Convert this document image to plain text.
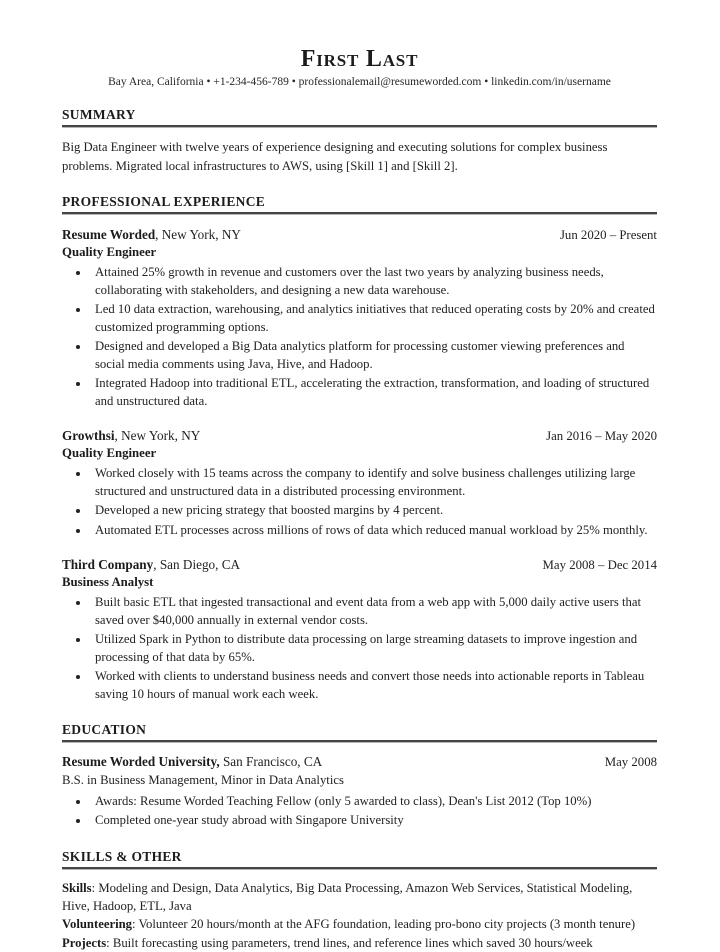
First Last
Bay Area, California • +1-234-456-789 • professionalemail@resumeworded.com • linkedin.com/in/username
SUMMARY

Big Data Engineer with twelve years of experience designing and executing solutions for complex business problems. Migrated local infrastructures to AWS, using [Skill 1] and [Skill 2].

PROFESSIONAL EXPERIENCE
Resume Worded, New York, NY	Jun 2020 – Present
Quality Engineer
• Attained 25% growth in revenue and customers over the last two years by analyzing business needs, collaborating with stakeholders, and designing a new data warehouse.
• Led 10 data extraction, warehousing, and analytics initiatives that reduced operating costs by 20% and created customized programming options.
• Designed and developed a Big Data analytics platform for processing customer viewing preferences and social media comments using Java, Hive, and Hadoop.
• Integrated Hadoop into traditional ETL, accelerating the extraction, transformation, and loading of structured and unstructured data.
Growthsi, New York, NY	Jan 2016 – May 2020
Quality Engineer
• Worked closely with 15 teams across the company to identify and solve business challenges utilizing large structured and unstructured data in a distributed processing environment.
• Developed a new pricing strategy that boosted margins by 4 percent.
• Automated ETL processes across millions of rows of data which reduced manual workload by 25% monthly.
Third Company, San Diego, CA	May 2008 – Dec 2014
Business Analyst
• Built basic ETL that ingested transactional and event data from a web app with 5,000 daily active users that saved over $40,000 annually in external vendor costs.
• Utilized Spark in Python to distribute data processing on large streaming datasets to improve ingestion and processing of that data by 65%.
• Worked with clients to understand business needs and convert those needs into actionable reports in Tableau saving 10 hours of manual work each week.
EDUCATION
Resume Worded University, San Francisco, CA	May 2008
B.S. in Business Management, Minor in Data Analytics
• Awards: Resume Worded Teaching Fellow (only 5 awarded to class), Dean's List 2012 (Top 10%)
• Completed one-year study abroad with Singapore University
SKILLS & OTHER

Skills: Modeling and Design, Data Analytics, Big Data Processing, Amazon Web Services, Statistical Modeling, Hive, Hadoop, ETL, Java

Volunteering: Volunteer 20 hours/month at the AFG foundation, leading pro-bono city projects (3 month tenure)

Projects: Built forecasting using parameters, trend lines, and reference lines which saved 30 hours/week
